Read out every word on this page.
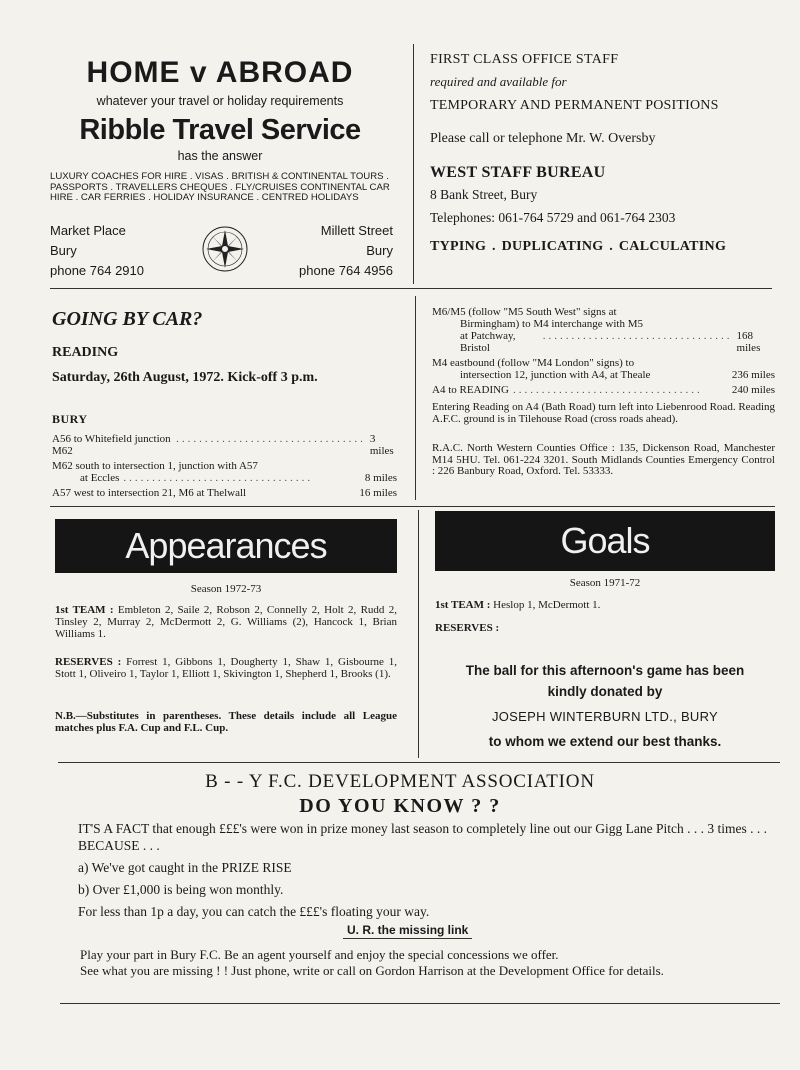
HOME v ABROAD
whatever your travel or holiday requirements
Ribble Travel Service
has the answer
LUXURY COACHES FOR HIRE . VISAS . BRITISH & CONTINENTAL TOURS . PASSPORTS . TRAVELLERS CHEQUES . FLY/CRUISES CONTINENTAL CAR HIRE . CAR FERRIES . HOLIDAY INSURANCE . CENTRED HOLIDAYS
Market Place
Bury
phone 764 2910
Millett Street
Bury
phone 764 4956
FIRST CLASS OFFICE STAFF
required and available for
TEMPORARY AND PERMANENT POSITIONS
Please call or telephone Mr. W. Oversby
WEST STAFF BUREAU
8 Bank Street, Bury
Telephones: 061-764 5729 and 061-764 2303
TYPING . DUPLICATING . CALCULATING
GOING BY CAR?
READING
Saturday, 26th August, 1972. Kick-off 3 p.m.
BURY
A56 to Whitefield junction M62
................................. 3 miles
M62 south to intersection 1, junction with A57
at Eccles .................................	8 miles
A57 west to intersection 21, M6 at Thelwall	16 miles
M6/M5 (follow "M5 South West" signs at
Birmingham) to M4 interchange with M5
at Patchway, Bristol
................................. 168 miles
M4 eastbound (follow "M4 London" signs) to
intersection 12, junction with A4, at Theale	236 miles
A4 to READING .................................	240 miles
Entering Reading on A4 (Bath Road) turn left into Liebenrood Road. Reading A.F.C. ground is in Tilehouse Road (cross roads ahead).
R.A.C. North Western Counties Office : 135, Dickenson Road, Manchester M14 5HU. Tel. 061-224 3201. South Midlands Counties Emergency Control : 226 Banbury Road, Oxford. Tel. 53333.
Appearances
Season 1972-73
1st TEAM : Embleton 2, Saile 2, Robson 2, Connelly 2, Holt 2, Rudd 2, Tinsley 2, Murray 2, McDermott 2, G. Williams (2), Hancock 1, Brian Williams 1.
RESERVES : Forrest 1, Gibbons 1, Dougherty 1, Shaw 1, Gisbourne 1, Stott 1, Oliveiro 1, Taylor 1, Elliott 1, Skivington 1, Shepherd 1, Brooks (1).
N.B.—Substitutes in parentheses. These details include all League matches plus F.A. Cup and F.L. Cup.
Goals
Season 1971-72
1st TEAM : Heslop 1, McDermott 1.
RESERVES :
The ball for this afternoon's game has been
kindly donated by
JOSEPH WINTERBURN LTD., BURY
to whom we extend our best thanks.
B - - Y F.C. DEVELOPMENT ASSOCIATION
DO YOU KNOW ? ?

IT'S A FACT that enough £££'s were won in prize money last season to completely line out our Gigg Lane Pitch . . . 3 times . . . BECAUSE . . .

a) We've got caught in the PRIZE RISE

b) Over £1,000 is being won monthly.

For less than 1p a day, you can catch the £££'s floating your way.

U. R. the missing link
Play your part in Bury F.C. Be an agent yourself and enjoy the special concessions we offer.
See what you are missing ! ! Just phone, write or call on Gordon Harrison at the Development Office for details.
